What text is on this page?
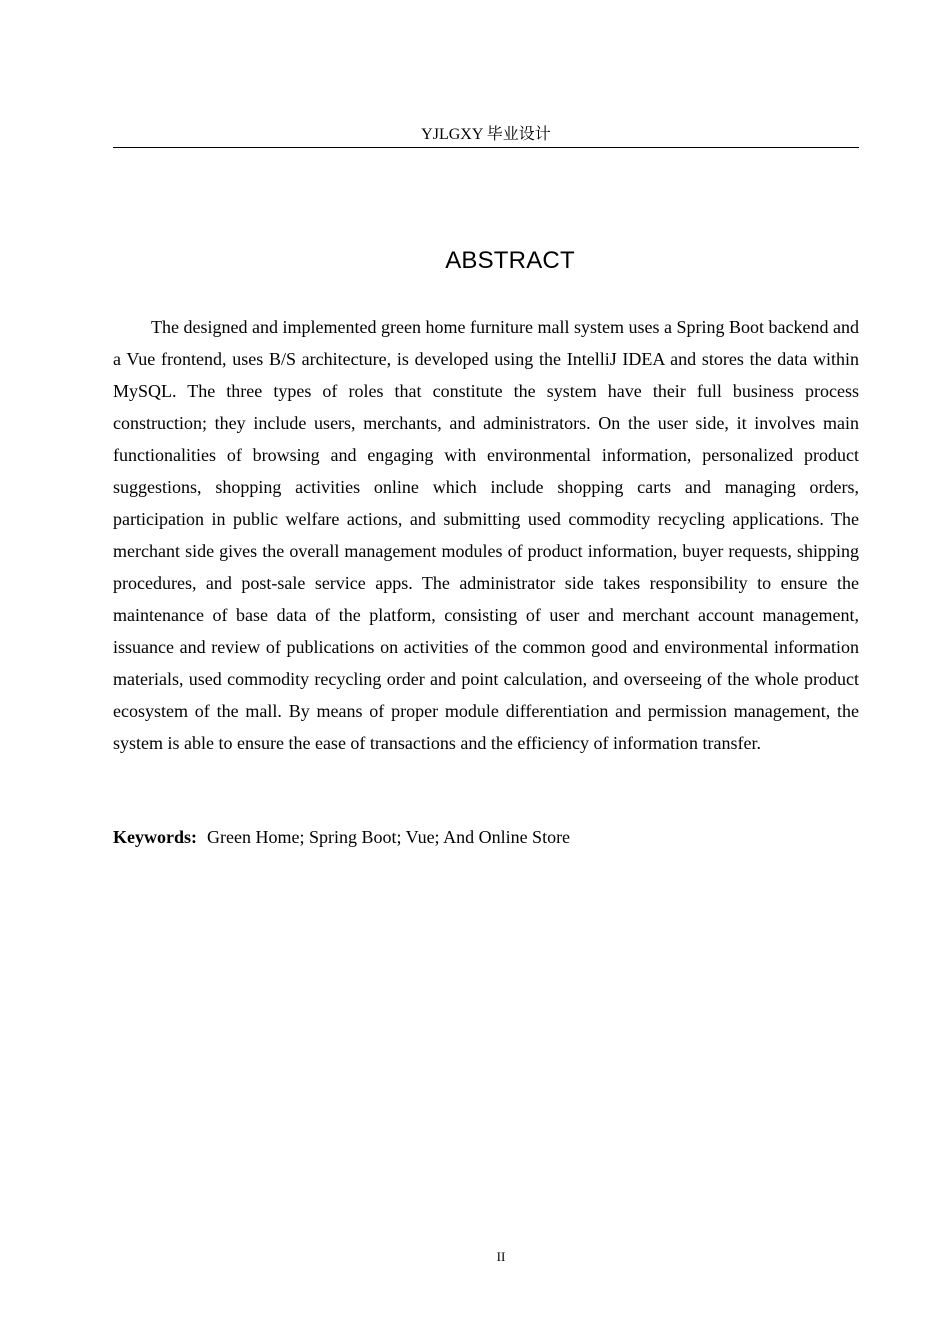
YJLGXY 毕业设计
ABSTRACT

The designed and implemented green home furniture mall system uses a Spring Boot backend and a Vue frontend, uses B/S architecture, is developed using the IntelliJ IDEA and stores the data within MySQL. The three types of roles that constitute the system have their full business process construction; they include users, merchants, and administrators. On the user side, it involves main functionalities of browsing and engaging with environmental information, personalized product suggestions, shopping activities online which include shopping carts and managing orders, participation in public welfare actions, and submitting used commodity recycling applications. The merchant side gives the overall management modules of product information, buyer requests, shipping procedures, and post-sale service apps. The administrator side takes responsibility to ensure the maintenance of base data of the platform, consisting of user and merchant account management, issuance and review of publications on activities of the common good and environmental information materials, used commodity recycling order and point calculation, and overseeing of the whole product ecosystem of the mall. By means of proper module differentiation and permission management, the system is able to ensure the ease of transactions and the efficiency of information transfer.

Keywords: Green Home; Spring Boot; Vue; And Online Store

II
